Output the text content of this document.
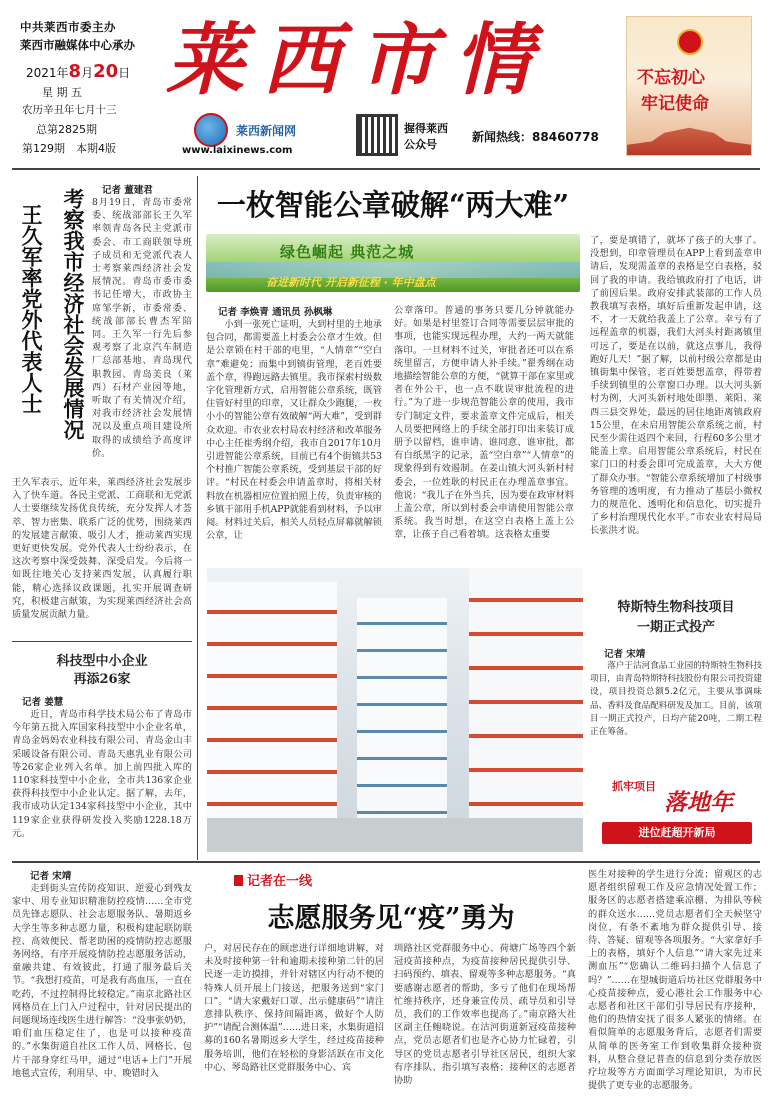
中共莱西市委主办
莱西市融媒体中心承办
2021年8月20日
星 期 五
农历辛丑年七月十三
总第2825期
第129期 本期4版
莱西市情
莱西新闻网
www.laixinews.com
握得莱西
公众号
新闻热线：88460778
不忘初心
牢记使命
考察我市经济社会发展情况
王久军率党外代表人士
记者 董建君
8月19日，青岛市委常委、统战部部长王久军率领青岛各民主党派市委会、市工商联领导班子成员和无党派代表人士考察莱西经济社会发展情况。青岛市委市委书记任增大，市政协主席邹学新，市委常委、统战部部长曹杰军陪同。王久军一行先后参观考察了北京汽车制造厂总部基地、青岛现代职教园、青岛美良（莱西）石材产业园等地，听取了有关情况介绍，对我市经济社会发展情况以及重点项目建设所取得的成绩给予高度评价。
王久军表示，近年来，莱西经济社会发展步入了快车道。各民主党派、工商联和无党派人士要继续发扬优良传统，充分发挥人才荟萃、智力密集、联系广泛的优势，围绕莱西的发展建言献策、吸引人才，推动莱西实现更好更快发展。党外代表人士纷纷表示，在这次考察中深受鼓舞、深受启发。今后将一如既往地关心支持莱西发展，认真履行职能，精心选择议政课题，扎实开展调查研究，积极建言献策，为实现莱西经济社会高质量发展贡献力量。
科技型中小企业
再添26家
记者 姜慧
近日，青岛市科学技术局公布了青岛市今年第五批入库国家科技型中小企业名单，青岛金妈妈农业科技有限公司、青岛金山丰采暖设备有限公司、青岛天惠乳业有限公司等26家企业列入名单。加上前四批入库的110家科技型中小企业，全市共136家企业获得科技型中小企业认定。据了解，去年，我市成功认定134家科技型中小企业，其中119家企业获得研发投入奖励1228.18万元。
一枚智能公章破解“两大难”
绿色崛起 典范之城
奋进新时代 开启新征程 · 年中盘点
记者 李焕青 通讯员 孙枫琳
小到一张死亡证明，大到村里的土地承包合同，都需要盖上村委会公章才生效。但是公章锁在村干部的电里，“人情章”“空白章”难避免；而集中到镇街管理，老百姓要盖个章，得跑远路去镇里。我市探索村级数字化管理新方式，启用智能公章系统，既管住管好村里的印章，又让群众少跑腿，一枚小小的智能公章有效破解“两大难”，受到群众欢迎。市农业农村局农村经济和改革服务中心主任崔秀纲介绍，我市自2017年10月引进智能公章系统，目前已有4个街镇共53个村推广智能公章系统，受到基层干部的好评。“村民在村委会申请盖章时，将相关材料放在机器相应位置拍照上传，负责审核的乡镇干部用手机APP就能看到材料，予以审阅。材料过关后，相关人员轻点屏幕就解锁公章，让
公章落印。普通的事务只要几分钟就能办好。如果是村里签订合同等需要层层审批的事项，也能实现远程办理，大约一两天就能落印。一旦材料不过关，审批者还可以在系统里留言，方便申请人补手续。”翟秀纲在动地描绘智能公章的方便，“就算干部在家里或者在外公干，也一点不耽误审批流程的进行。”为了进一步规范智能公章的使用，我市专门制定文件，要求盖章文件完成后，相关人员要把网络上的手续全部打印出来装订成册予以留档，谁申请、谁同意、谁审批，都有白纸黑字的记录，盖“空白章”“人情章”的现象得到有效遏制。在姜山镇大河头新村村委会，一位姓耿的村民正在办理盖章事宜。他说：“我儿子在外当兵，因为要在政审材料上盖公章，所以到村委会申请使用智能公章系统。我当时想，在这空白表格上盖上公章，让孩子自己看着填。这表格太重要
了，要是填错了，就坏了孩子的大事了。没想到，印章管理员在APP上看到盖章申请后，发现需盖章的表格是空白表格，驳回了我的申请。我给镇政府打了电话，讲了前因后果。政府安排武装部的工作人员教我填写表格，填好后重新发起申请，这不，才一天就给我盖上了公章。幸亏有了远程盖章的机器，我们大河头村距离镇里可远了，要是在以前，就这点事儿，我得跑好几天！”据了解，以前村级公章都是由镇街集中保管，老百姓要想盖章，得带着手续到镇里的公章窗口办理。以大河头新村为例，大河头新村地处即墨、莱阳、莱西三县交界处，最远的居住地距离镇政府15公里，在未启用智能公章系统之前，村民至少需往返四个来回，行程60多公里才能盖上章。启用智能公章系统后，村民在家门口的村委会即可完成盖章，大大方便了群众办事。“智能公章系统增加了村级事务管理的透明度，有力推动了基层小微权力的规范化、透明化和信息化，切实提升了乡村治理现代化水平。”市农业农村局局长张洪才说。
特斯特生物科技项目
一期正式投产
记者 宋靖
落户于沽河食品工业园的特斯特生物科技项目，由青岛特斯特科技股份有限公司投资建设，项目投资总额5.2亿元，主要从事调味品、香料及食品配料研发及加工。目前，该项目一期正式投产，日均产能20吨，二期工程正在筹备。
抓牢项目
落地年
进位赶超开新局
记者 宋靖
走到街头宣传防疫知识、逆爱心到残友家中、用专业知识精准防控疫情……全市党员先锋志愿队、社会志愿服务队、暑期返乡大学生等多种志愿力量，积极构建起联防联控、高效便民、帮老助困的疫情防控志愿服务网络，有序开展疫情防控志愿服务活动，童融共建、有效彼此，打通了服务最后关节。“我想打疫苗，可是我有高血压，一直在吃药，不过控制得比较稳定。”南京北路社区网格员在上门入户过程中，针对居民提出的问题现场连线医生进行解答：“没事张奶奶，咱们血压稳定住了，也是可以接种疫苗的。”水集街道自社区工作人员、网格长、包片干部身穿红马甲，通过“电话+上门”开展地毯式宣传，利用早、中、晚错时入
记者在一线
志愿服务见“疫”勇为
户，对居民存在的顾虑进行详细地讲解，对未及时接种第一针和逾期未接种第二针的居民逐一走访摸排，并针对辖区内行动不便的特殊人员开展上门接送，把服务送到“家门口”。“请大家戴好口罩、出示健康码”“请注意排队秩序、保持间隔距离，做好个人防护”“请配合测体温”……进日来，水集街道招募的160名暑期返乡大学生，经过疫苗接种服务培训，他们在轻松的身影活跃在市文化中心、琴岛路社区党群服务中心、宾
圳路社区党群服务中心、荷塘广场等四个新冠疫苗接种点，为疫苗接种居民提供引导、扫码预约、填表、留观等多种志愿服务。“真要感谢志愿者的帮助，多亏了他们在现场帮忙维持秩序，还身兼宣传员、疏导员和引导员，我们的工作效率也提高了。”南京路大社区副主任鲍晓说。在沽河街道新冠疫苗接种点，党员志愿者们也是齐心协力忙碌着，引导区的党员志愿者引导社区居民，组织大家有序排队、指引填写表格；接种区的志愿者协助
医生对接种的学生进行分流；留观区的志愿者组织留观工作及应急情况处置工作；服务区的志愿者搭建乘凉棚、为排队等候的群众送水……党员志愿者们全天候坚守岗位，有条不紊地为群众提供引导、接待、答疑、留观等各项服务。“大家拿好手上的表格，填好个人信息”“请大家先过来测血压”“您确认二维码扫描个人信息了吗？”……在望城街道后坊社区党群服务中心疫苗接种点，爱心港社会工作服务中心志愿者和社区干部们引导居民有序接种，他们的热情安抚了很多人紧张的情绪。在看似简单的志愿服务背后，志愿者们需要从简单的医务室工作到收集群众接种资料，从整合登记普查的信息到分类存放医疗垃圾等方方面面学习理论知识，为市民提供了更专业的志愿服务。
